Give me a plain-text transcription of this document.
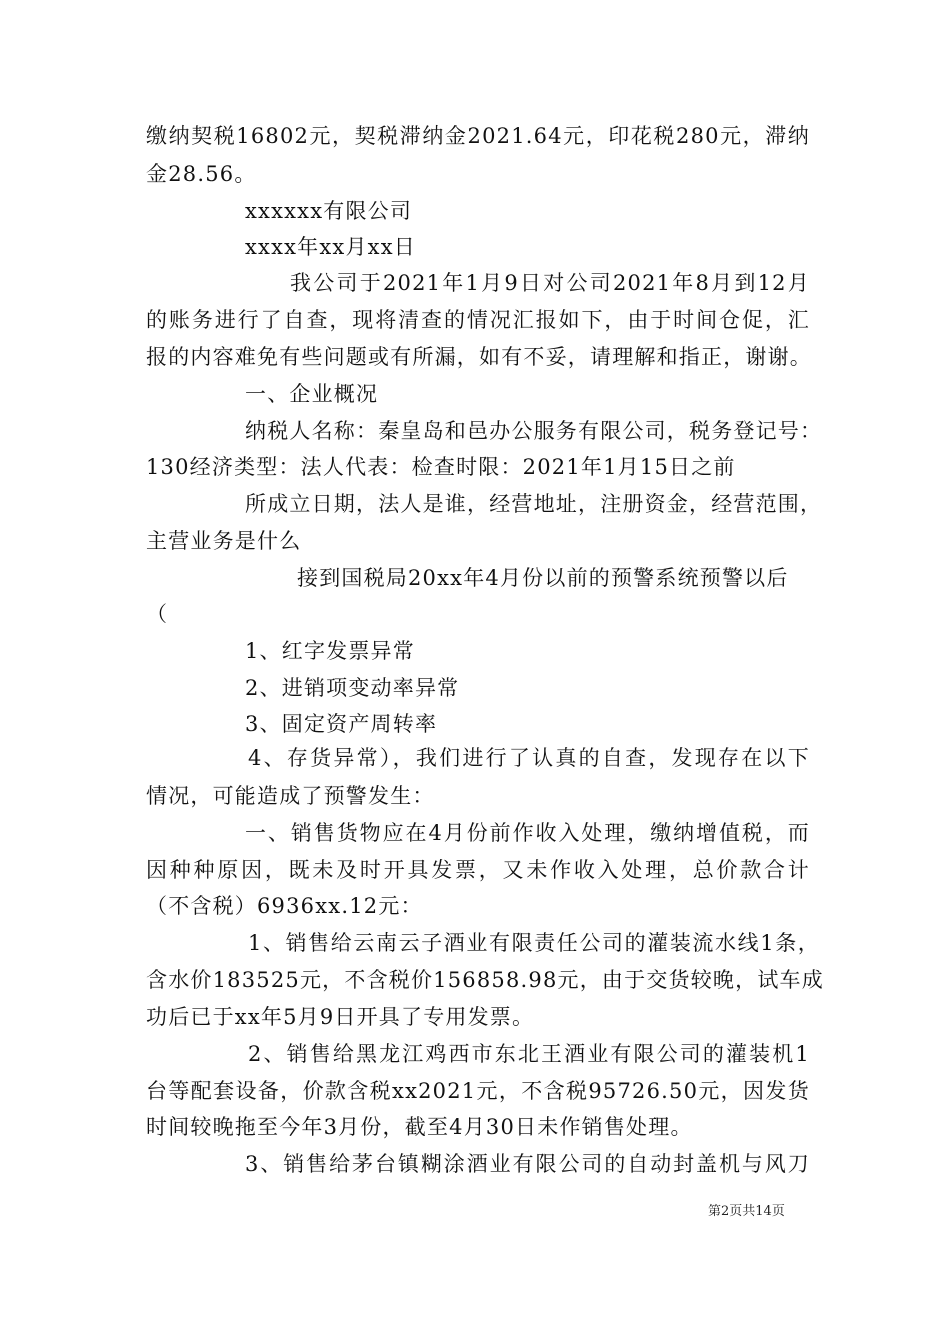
缴纳契税16802元，契税滞纳金2021.64元，印花税280元，滞纳
金28.56。
xxxxxx有限公司
xxxx年xx月xx日
我公司于2021年1月9日对公司2021年8月到12月
的账务进行了自查，现将清查的情况汇报如下，由于时间仓促，汇
报的内容难免有些问题或有所漏，如有不妥，请理解和指正，谢谢。
一、企业概况
纳税人名称：秦皇岛和邑办公服务有限公司，税务登记号：
130经济类型：法人代表：检查时限：2021年1月15日之前
所成立日期，法人是谁，经营地址，注册资金，经营范围，
主营业务是什么
接到国税局20xx年4月份以前的预警系统预警以后
（
1、红字发票异常
2、进销项变动率异常
3、固定资产周转率
4、存货异常），我们进行了认真的自查，发现存在以下
情况，可能造成了预警发生：
一、销售货物应在4月份前作收入处理，缴纳增值税，而
因种种原因，既未及时开具发票，又未作收入处理，总价款合计
（不含税）6936xx.12元：
1、销售给云南云子酒业有限责任公司的灌装流水线1条，
含水价183525元，不含税价156858.98元，由于交货较晚，试车成
功后已于xx年5月9日开具了专用发票。
2、销售给黑龙江鸡西市东北王酒业有限公司的灌装机1
台等配套设备，价款含税xx2021元，不含税95726.50元，因发货
时间较晚拖至今年3月份，截至4月30日未作销售处理。
3、销售给茅台镇糊涂酒业有限公司的自动封盖机与风刀
第2页共14页
